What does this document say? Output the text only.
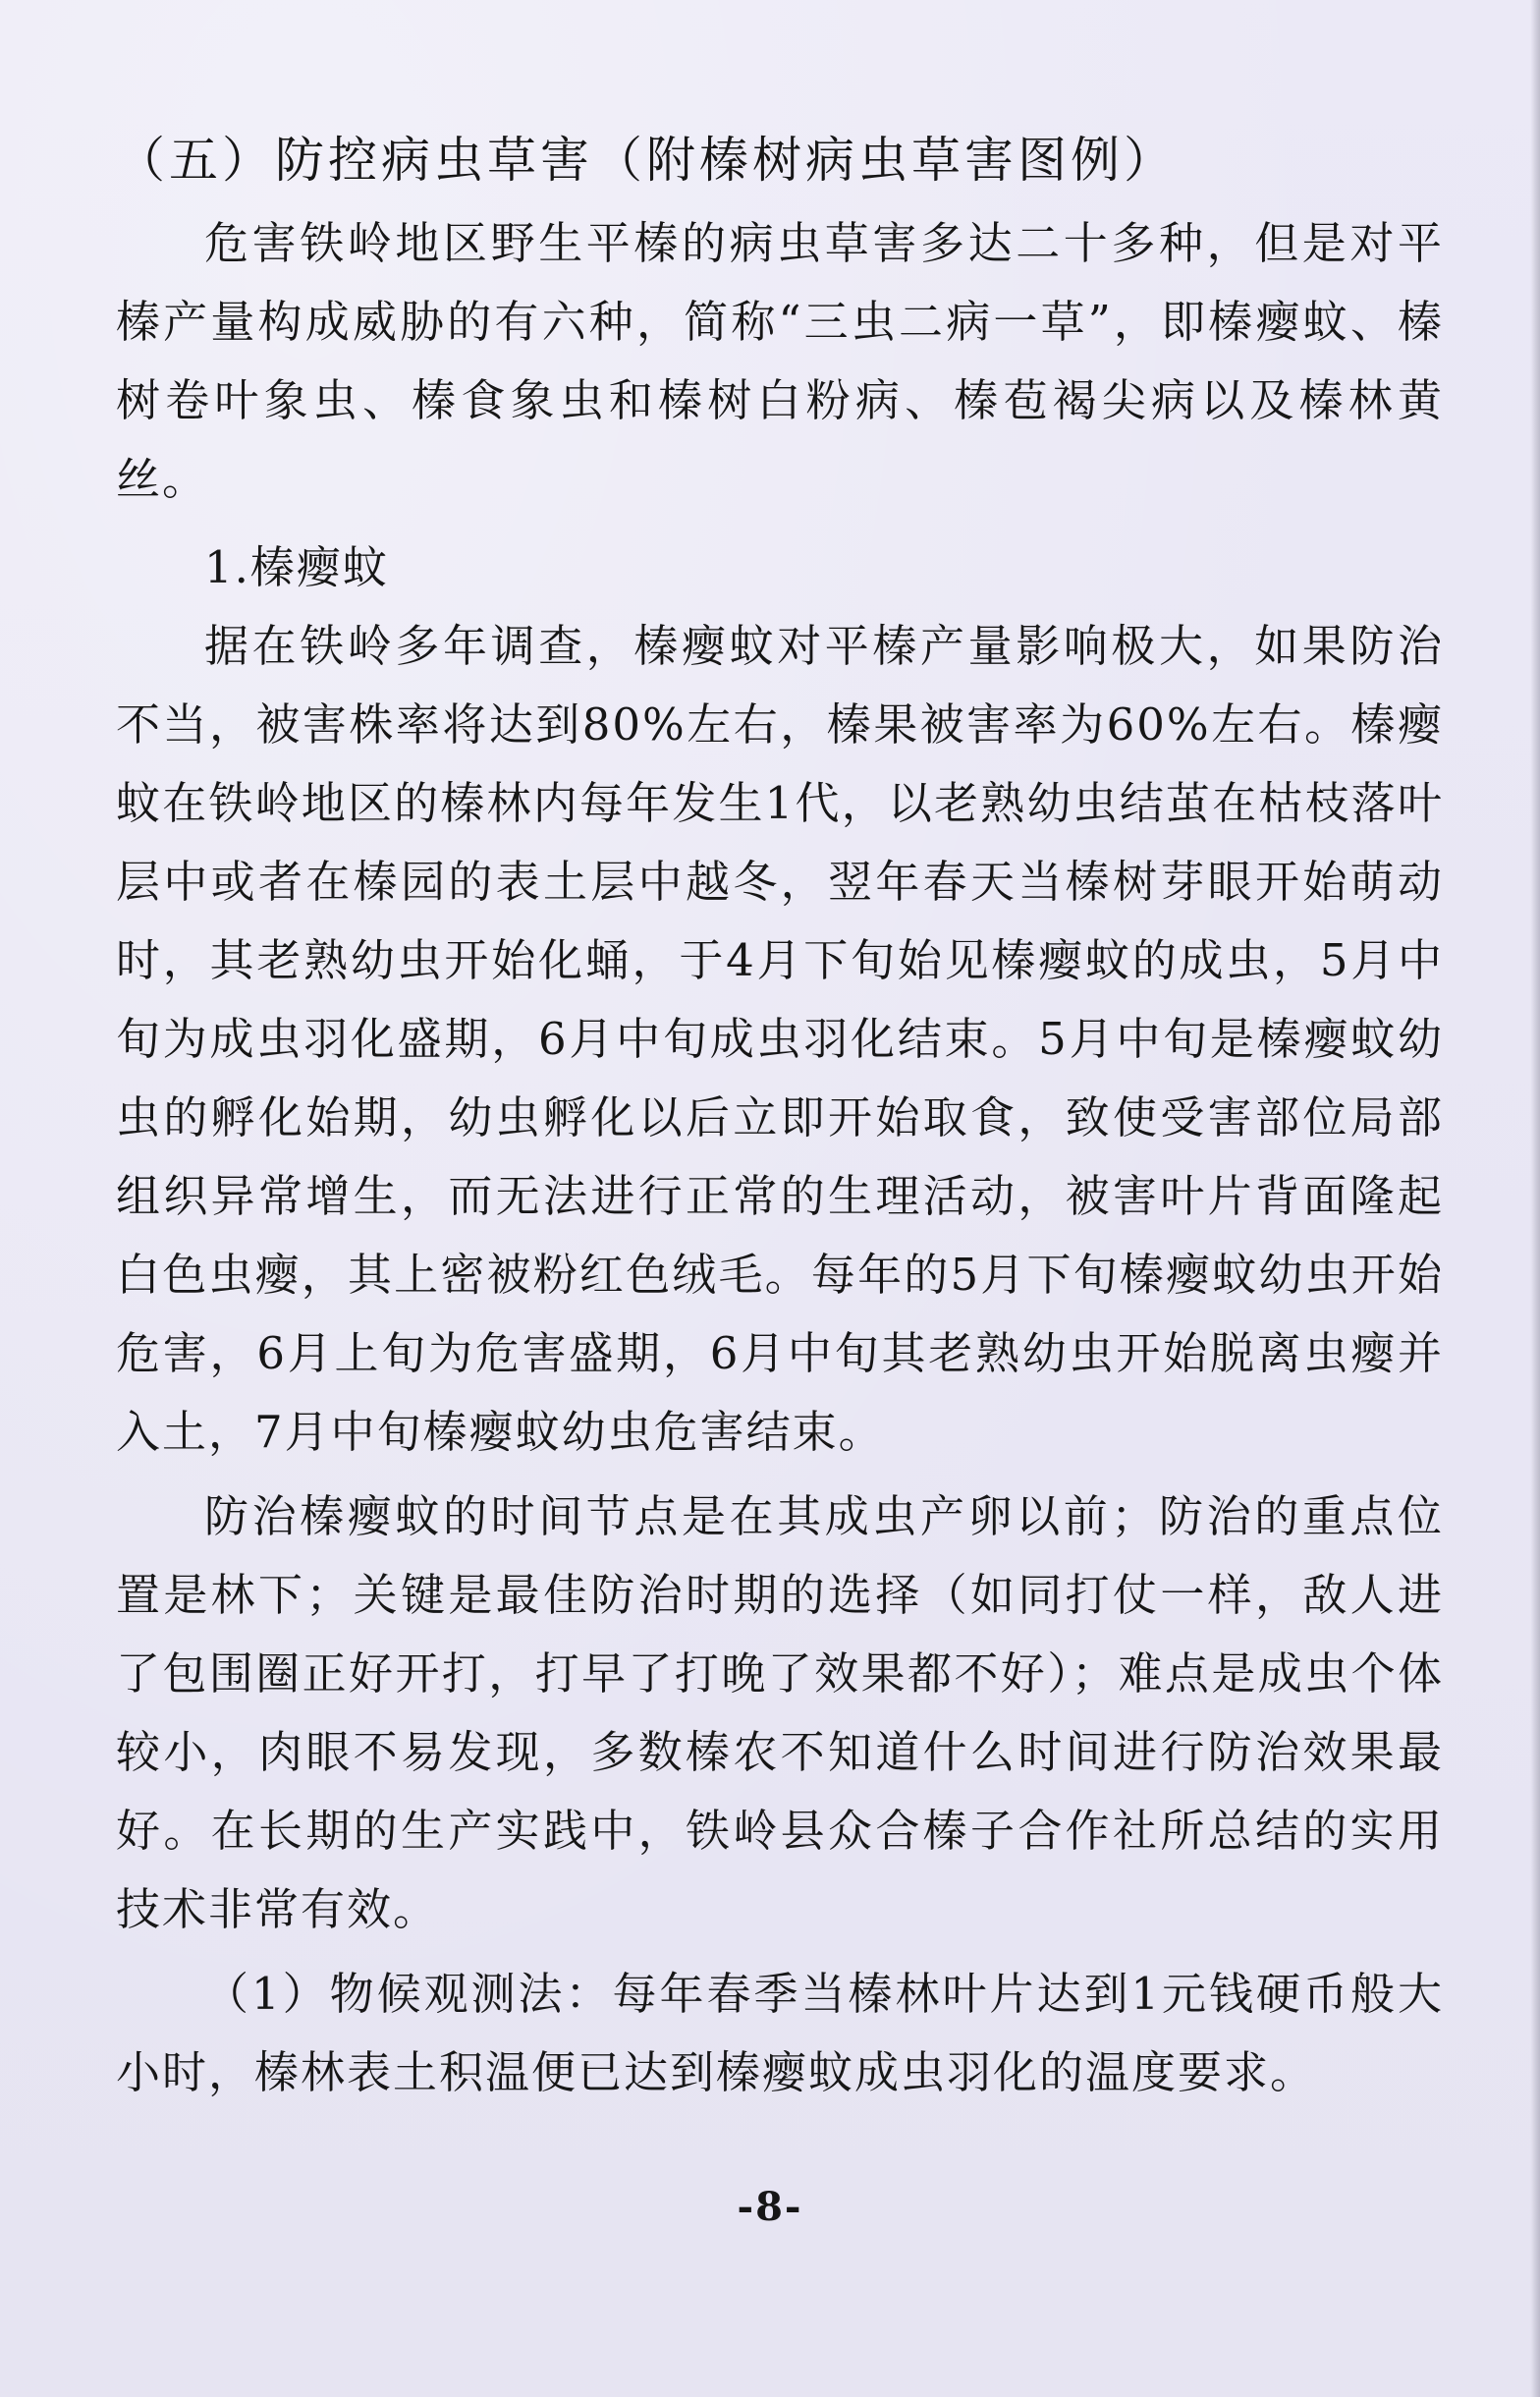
（五）防控病虫草害（附榛树病虫草害图例）

危害铁岭地区野生平榛的病虫草害多达二十多种，但是对平榛产量构成威胁的有六种，简称“三虫二病一草”，即榛瘿蚊、榛树卷叶象虫、榛食象虫和榛树白粉病、榛苞褐尖病以及榛林黄丝。

1.榛瘿蚊

据在铁岭多年调查，榛瘿蚊对平榛产量影响极大，如果防治不当，被害株率将达到80%左右，榛果被害率为60%左右。榛瘿蚊在铁岭地区的榛林内每年发生1代，以老熟幼虫结茧在枯枝落叶层中或者在榛园的表土层中越冬，翌年春天当榛树芽眼开始萌动时，其老熟幼虫开始化蛹，于4月下旬始见榛瘿蚊的成虫，5月中旬为成虫羽化盛期，6月中旬成虫羽化结束。5月中旬是榛瘿蚊幼虫的孵化始期，幼虫孵化以后立即开始取食，致使受害部位局部组织异常增生，而无法进行正常的生理活动，被害叶片背面隆起白色虫瘿，其上密被粉红色绒毛。每年的5月下旬榛瘿蚊幼虫开始危害，6月上旬为危害盛期，6月中旬其老熟幼虫开始脱离虫瘿并入土，7月中旬榛瘿蚊幼虫危害结束。

防治榛瘿蚊的时间节点是在其成虫产卵以前；防治的重点位置是林下；关键是最佳防治时期的选择（如同打仗一样，敌人进了包围圈正好开打，打早了打晚了效果都不好）；难点是成虫个体较小，肉眼不易发现，多数榛农不知道什么时间进行防治效果最好。在长期的生产实践中，铁岭县众合榛子合作社所总结的实用技术非常有效。

（1）物候观测法：每年春季当榛林叶片达到1元钱硬币般大小时，榛林表土积温便已达到榛瘿蚊成虫羽化的温度要求。

-8-
